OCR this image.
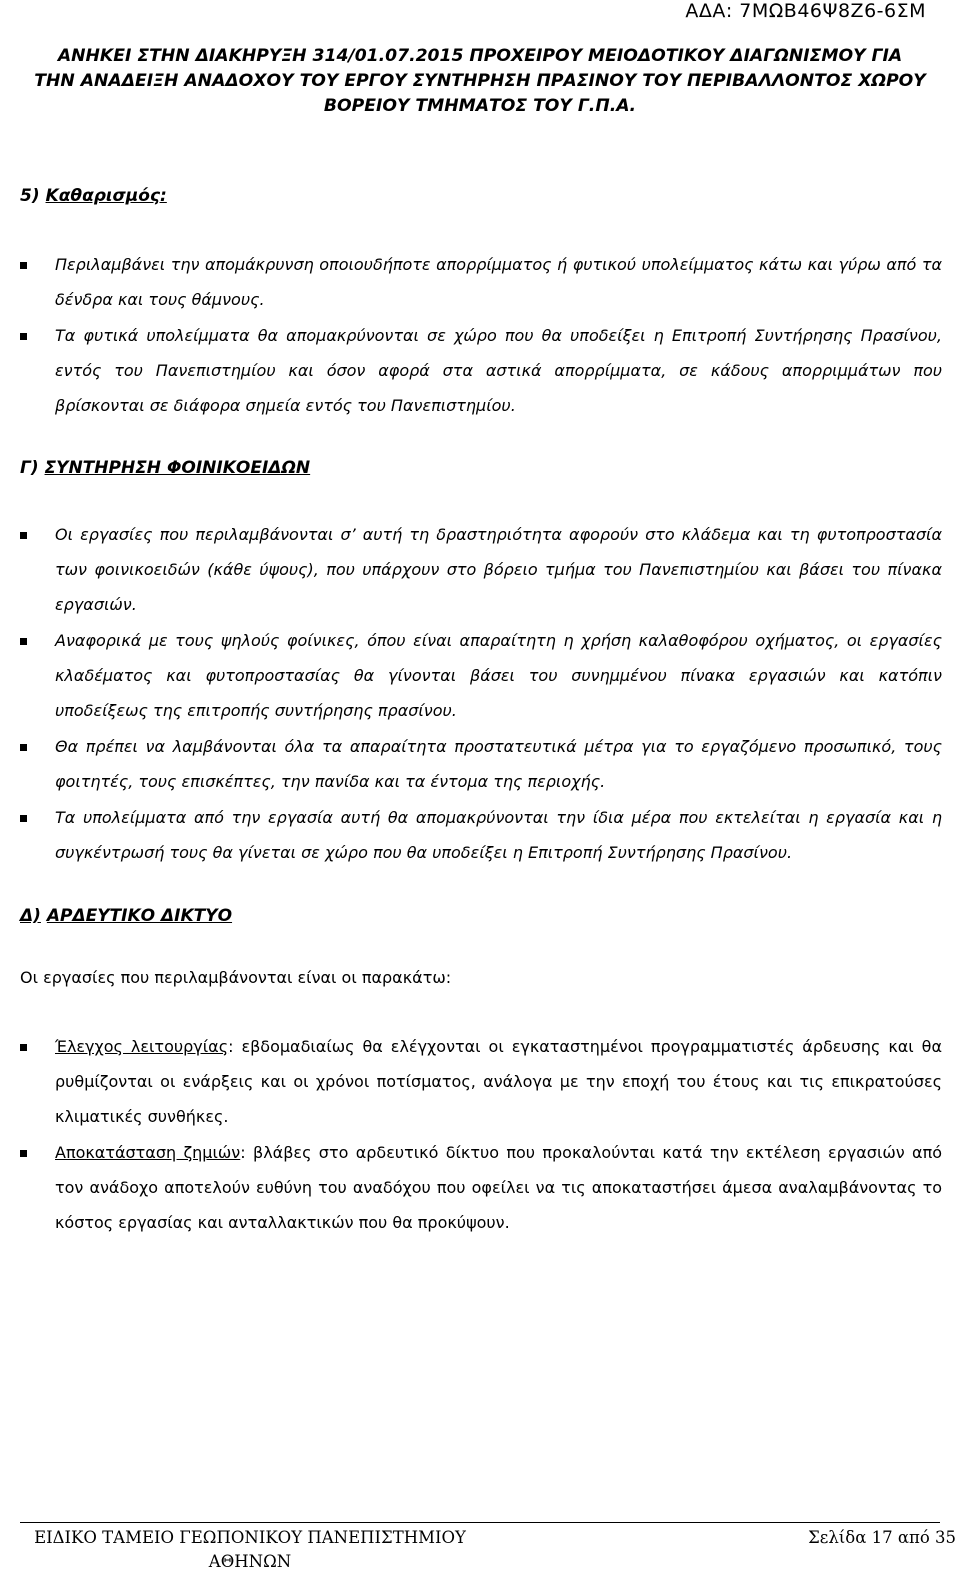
ΑΔΑ: 7ΜΩΒ46Ψ8Ζ6-6ΣΜ
ΑΝΗΚΕΙ ΣΤΗΝ ΔΙΑΚΗΡΥΞΗ 314/01.07.2015 ΠΡΟΧΕΙΡΟΥ ΜΕΙΟΔΟΤΙΚΟΥ ΔΙΑΓΩΝΙΣΜΟΥ ΓΙΑ
ΤΗΝ ΑΝΑΔΕΙΞΗ ΑΝΑΔΟΧΟΥ ΤΟΥ ΕΡΓΟΥ ΣΥΝΤΗΡΗΣΗ ΠΡΑΣΙΝΟΥ ΤΟΥ ΠΕΡΙΒΑΛΛΟΝΤΟΣ ΧΩΡΟΥ
ΒΟΡΕΙΟΥ ΤΜΗΜΑΤΟΣ ΤΟΥ Γ.Π.Α.
5) Καθαρισμός:
Περιλαμβάνει την απομάκρυνση οποιουδήποτε απορρίμματος ή φυτικού υπολείμματος κάτω και γύρω από τα δένδρα και τους θάμνους.
Τα φυτικά υπολείμματα θα απομακρύνονται σε χώρο που θα υποδείξει η Επιτροπή Συντήρησης Πρασίνου, εντός του Πανεπιστημίου και όσον αφορά στα αστικά απορρίμματα, σε κάδους απορριμμάτων που βρίσκονται σε διάφορα σημεία εντός του Πανεπιστημίου.
Γ) ΣΥΝΤΗΡΗΣΗ ΦΟΙΝΙΚΟΕΙΔΩΝ
Οι εργασίες που περιλαμβάνονται σ’ αυτή τη δραστηριότητα αφορούν στο κλάδεμα και τη φυτοπροστασία των φοινικοειδών (κάθε ύψους), που υπάρχουν στο βόρειο τμήμα του Πανεπιστημίου και βάσει του πίνακα εργασιών.
Αναφορικά με τους ψηλούς φοίνικες, όπου είναι απαραίτητη η χρήση καλαθοφόρου οχήματος, οι εργασίες κλαδέματος και φυτοπροστασίας θα γίνονται βάσει του συνημμένου πίνακα εργασιών και κατόπιν υποδείξεως της επιτροπής συντήρησης πρασίνου.
Θα πρέπει να λαμβάνονται όλα τα απαραίτητα προστατευτικά μέτρα για το εργαζόμενο προσωπικό, τους φοιτητές, τους επισκέπτες, την πανίδα και τα έντομα της περιοχής.
Τα υπολείμματα από την εργασία αυτή θα απομακρύνονται την ίδια μέρα που εκτελείται η εργασία και η συγκέντρωσή τους θα γίνεται σε χώρο που θα υποδείξει η Επιτροπή Συντήρησης Πρασίνου.
Δ) ΑΡΔΕΥΤΙΚΟ ΔΙΚΤΥΟ
Οι εργασίες που περιλαμβάνονται είναι οι παρακάτω:
Έλεγχος λειτουργίας: εβδομαδιαίως θα ελέγχονται οι εγκαταστημένοι προγραμματιστές άρδευσης και θα ρυθμίζονται οι ενάρξεις και οι χρόνοι ποτίσματος, ανάλογα με την εποχή του έτους και τις επικρατούσες κλιματικές συνθήκες.
Αποκατάσταση ζημιών: βλάβες στο αρδευτικό δίκτυο που προκαλούνται κατά την εκτέλεση εργασιών από τον ανάδοχο αποτελούν ευθύνη του αναδόχου που οφείλει να τις αποκαταστήσει άμεσα αναλαμβάνοντας το κόστος εργασίας και ανταλλακτικών που θα προκύψουν.
ΕΙΔΙΚΟ ΤΑΜΕΙΟ ΓΕΩΠΟΝΙΚΟΥ ΠΑΝΕΠΙΣΤΗΜΙΟΥ ΑΘΗΝΩΝ
Σελίδα 17 από 35
